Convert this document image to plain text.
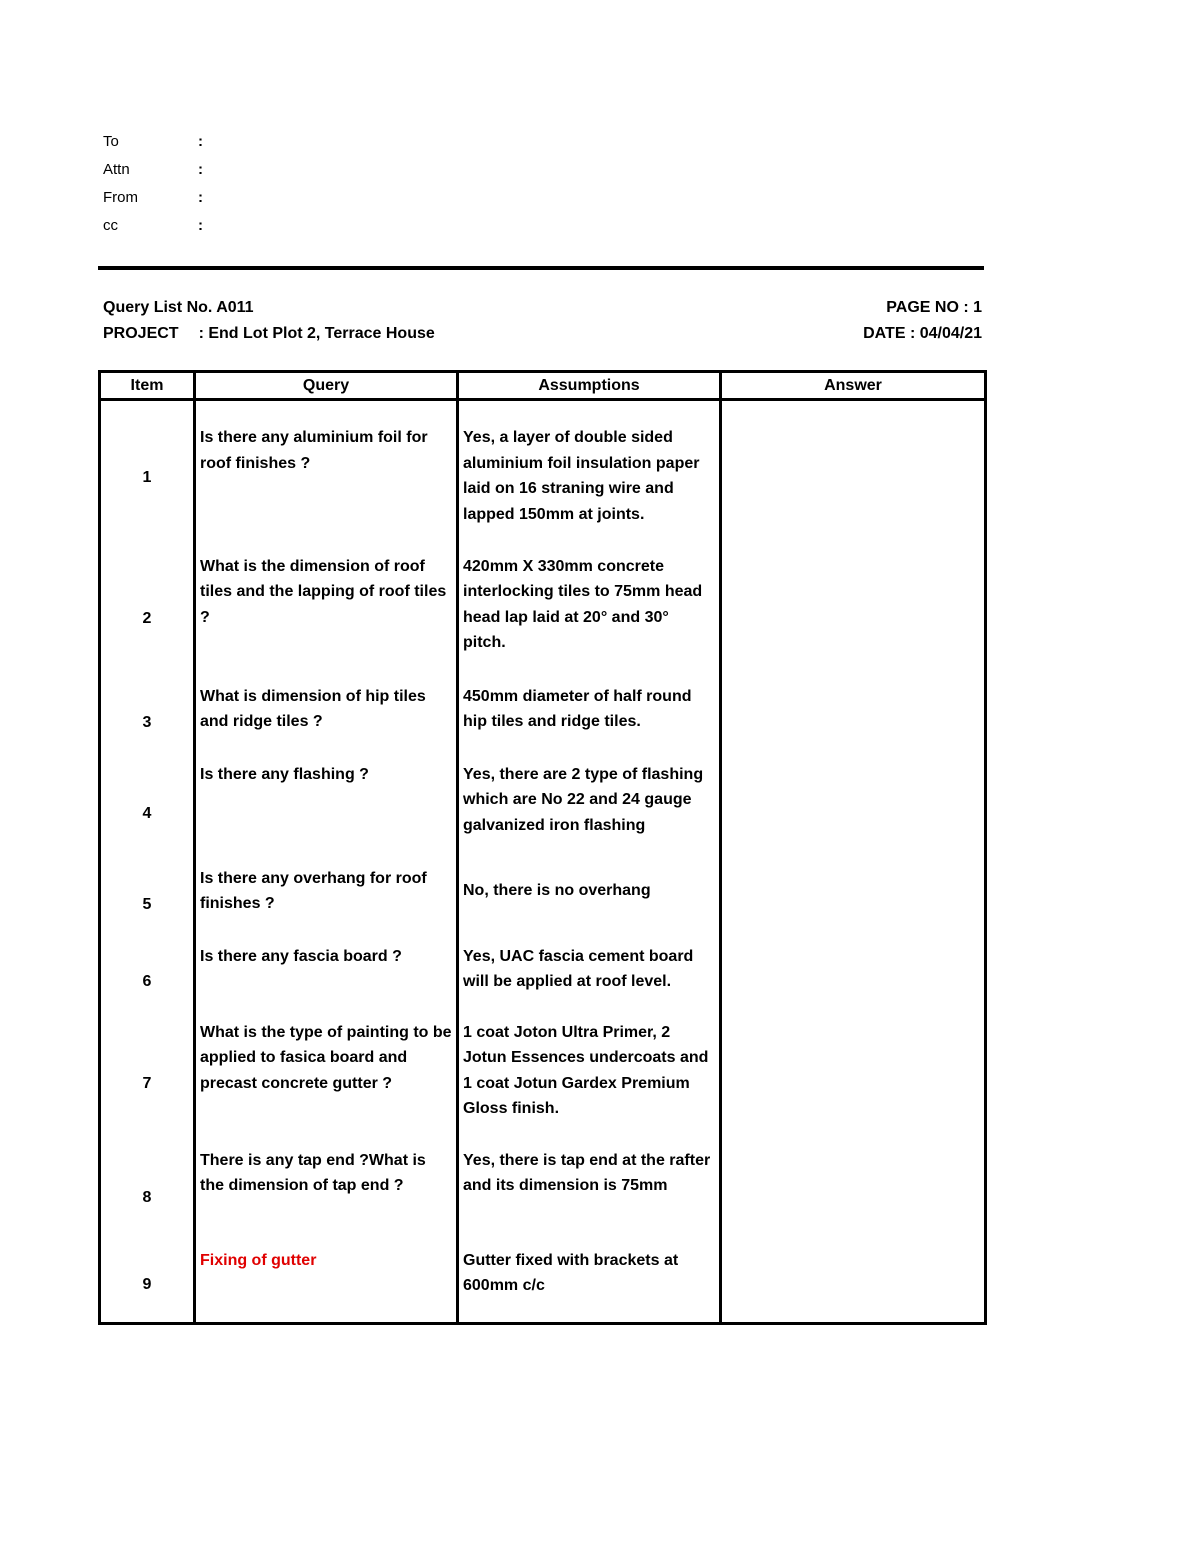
To	:
Attn	:
From	:
cc	:
Query List No. A011	PAGE NO : 1
PROJECT : End Lot Plot 2, Terrace House	DATE : 04/04/21
Item	Query	Assumptions	Answer
1	Is there any aluminium foil for roof finishes ?	Yes, a layer of double sided aluminium foil insulation paper laid on 16 straning wire and lapped 150mm at joints.	

2	What is the dimension of roof tiles and the lapping of roof tiles ?	420mm X 330mm concrete interlocking tiles to 75mm head head lap laid at 20° and 30° pitch.	

3	What is dimension of hip tiles and ridge tiles ?	450mm diameter of half round hip tiles and ridge tiles.	

4	Is there any flashing ?	Yes, there are 2 type of flashing which are No 22 and 24 gauge galvanized iron flashing	

5	Is there any overhang for roof finishes ?	No, there is no overhang	

6	Is there any fascia board ?	Yes, UAC fascia cement board will be applied at roof level.	

7	What is the type of painting to be applied to fasica board and precast concrete gutter ?	1 coat Joton Ultra Primer, 2 Jotun Essences undercoats and 1 coat Jotun Gardex Premium Gloss finish.	

8	There is any tap end ?What is the dimension of tap end ?	Yes, there is tap end at the rafter and its dimension is 75mm	

9	Fixing of gutter	Gutter fixed with brackets at 600mm c/c	
